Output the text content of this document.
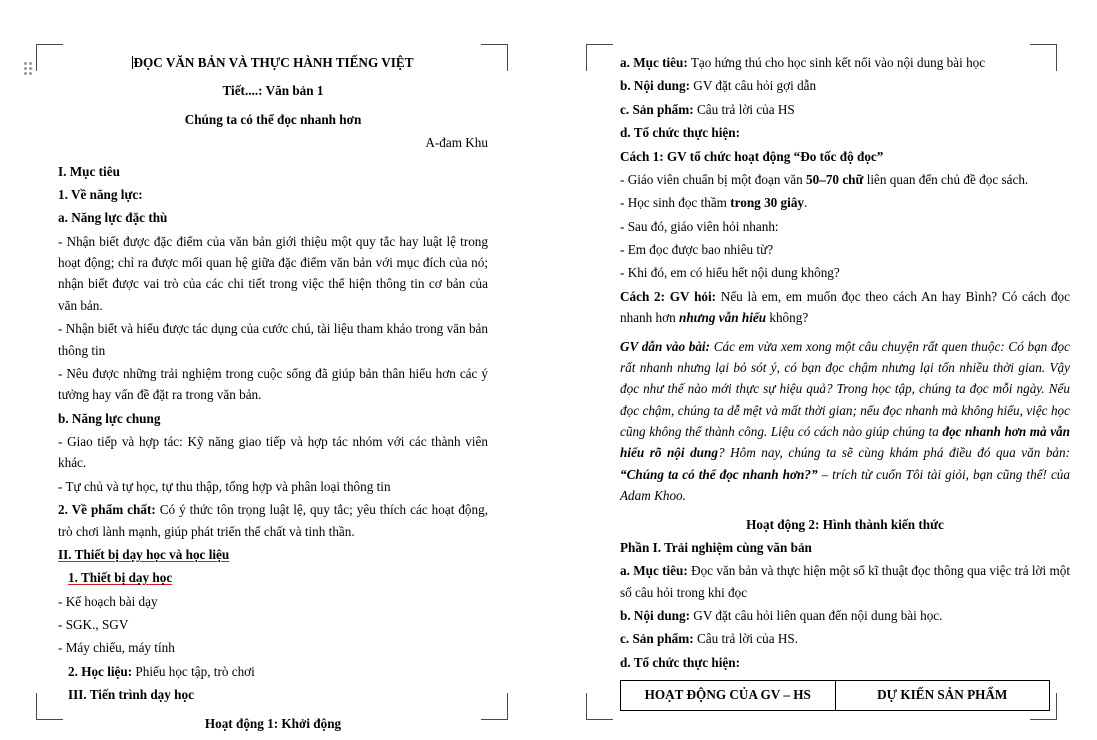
ĐỌC VĂN BẢN VÀ THỰC HÀNH TIẾNG VIỆT

Tiết....: Văn bản 1

Chúng ta có thể đọc nhanh hơn

A-đam Khu

I. Mục tiêu

1. Về năng lực:

a. Năng lực đặc thù

- Nhận biết được đặc điểm của văn bản giới thiệu một quy tắc hay luật lệ trong hoạt động; chỉ ra được mối quan hệ giữa đặc điểm văn bản với mục đích của nó; nhận biết được vai trò của các chi tiết trong việc thể hiện thông tin cơ bản của văn bản.

- Nhận biết và hiểu được tác dụng của cước chú, tài liệu tham khảo trong văn bản thông tin

- Nêu được những trải nghiệm trong cuộc sống đã giúp bản thân hiểu hơn các ý tưởng hay vấn đề đặt ra trong văn bản.

b. Năng lực chung

- Giao tiếp và hợp tác: Kỹ năng giao tiếp và hợp tác nhóm với các thành viên khác.

- Tự chủ và tự học, tự thu thập, tổng hợp và phân loại thông tin

2. Về phẩm chất: Có ý thức tôn trọng luật lệ, quy tắc; yêu thích các hoạt động, trò chơi lành mạnh, giúp phát triển thể chất và tinh thần.

II. Thiết bị dạy học và học liệu

1. Thiết bị dạy học

- Kế hoạch bài dạy

- SGK., SGV

- Máy chiếu, máy tính

2. Học liệu: Phiếu học tập, trò chơi

III. Tiến trình dạy học

Hoạt động 1: Khởi động

a. Mục tiêu: Tạo hứng thú cho học sinh kết nối vào nội dung bài học

b. Nội dung: GV đặt câu hỏi gợi dẫn

c. Sản phẩm: Câu trả lời của HS

d. Tổ chức thực hiện:

Cách 1: GV tổ chức hoạt động “Đo tốc độ đọc”

- Giáo viên chuẩn bị một đoạn văn 50–70 chữ liên quan đến chủ đề đọc sách.

- Học sinh đọc thầm trong 30 giây.

- Sau đó, giáo viên hỏi nhanh:

- Em đọc được bao nhiêu từ?

- Khi đó, em có hiểu hết nội dung không?

Cách 2: GV hỏi: Nếu là em, em muốn đọc theo cách An hay Bình? Có cách đọc nhanh hơn nhưng vẫn hiểu không?

GV dẫn vào bài: Các em vừa xem xong một câu chuyện rất quen thuộc: Có bạn đọc rất nhanh nhưng lại bỏ sót ý, có bạn đọc chậm nhưng lại tốn nhiều thời gian. Vậy đọc như thế nào mới thực sự hiệu quả? Trong học tập, chúng ta đọc mỗi ngày. Nếu đọc chậm, chúng ta dễ mệt và mất thời gian; nếu đọc nhanh mà không hiểu, việc học cũng không thể thành công. Liệu có cách nào giúp chúng ta đọc nhanh hơn mà vẫn hiểu rõ nội dung? Hôm nay, chúng ta sẽ cùng khám phá điều đó qua văn bản: “Chúng ta có thể đọc nhanh hơn?” – trích từ cuốn Tôi tài giỏi, bạn cũng thế! của Adam Khoo.

Hoạt động 2: Hình thành kiến thức

Phần I. Trải nghiệm cùng văn bản

a. Mục tiêu: Đọc văn bản và thực hiện một số kĩ thuật đọc thông qua việc trả lời một số câu hỏi trong khi đọc

b. Nội dung: GV đặt câu hỏi liên quan đến nội dung bài học.

c. Sản phẩm: Câu trả lời của HS.

d. Tổ chức thực hiện:

HOẠT ĐỘNG CỦA GV – HS	DỰ KIẾN SẢN PHẨM
